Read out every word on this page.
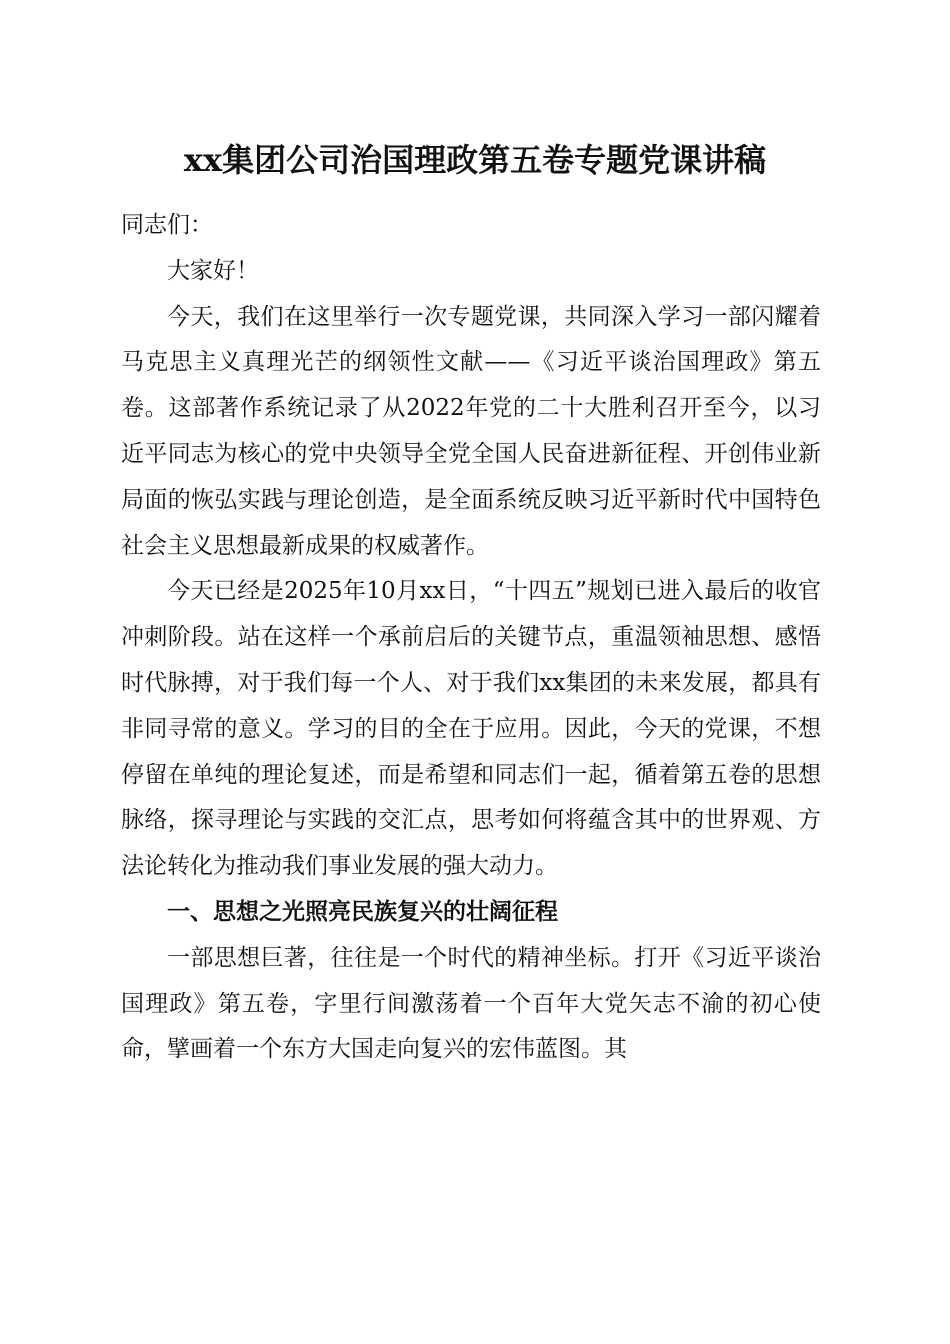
xx集团公司治国理政第五卷专题党课讲稿

同志们：

大家好！

今天，我们在这里举行一次专题党课，共同深入学习一部闪耀着马克思主义真理光芒的纲领性文献——《习近平谈治国理政》第五卷。这部著作系统记录了从2022年党的二十大胜利召开至今，以习近平同志为核心的党中央领导全党全国人民奋进新征程、开创伟业新局面的恢弘实践与理论创造，是全面系统反映习近平新时代中国特色社会主义思想最新成果的权威著作。

今天已经是2025年10月xx日，“十四五”规划已进入最后的收官冲刺阶段。站在这样一个承前启后的关键节点，重温领袖思想、感悟时代脉搏，对于我们每一个人、对于我们xx集团的未来发展，都具有非同寻常的意义。学习的目的全在于应用。因此，今天的党课，不想停留在单纯的理论复述，而是希望和同志们一起，循着第五卷的思想脉络，探寻理论与实践的交汇点，思考如何将蕴含其中的世界观、方法论转化为推动我们事业发展的强大动力。

一、思想之光照亮民族复兴的壮阔征程

一部思想巨著，往往是一个时代的精神坐标。打开《习近平谈治国理政》第五卷，字里行间激荡着一个百年大党矢志不渝的初心使命，擘画着一个东方大国走向复兴的宏伟蓝图。其
